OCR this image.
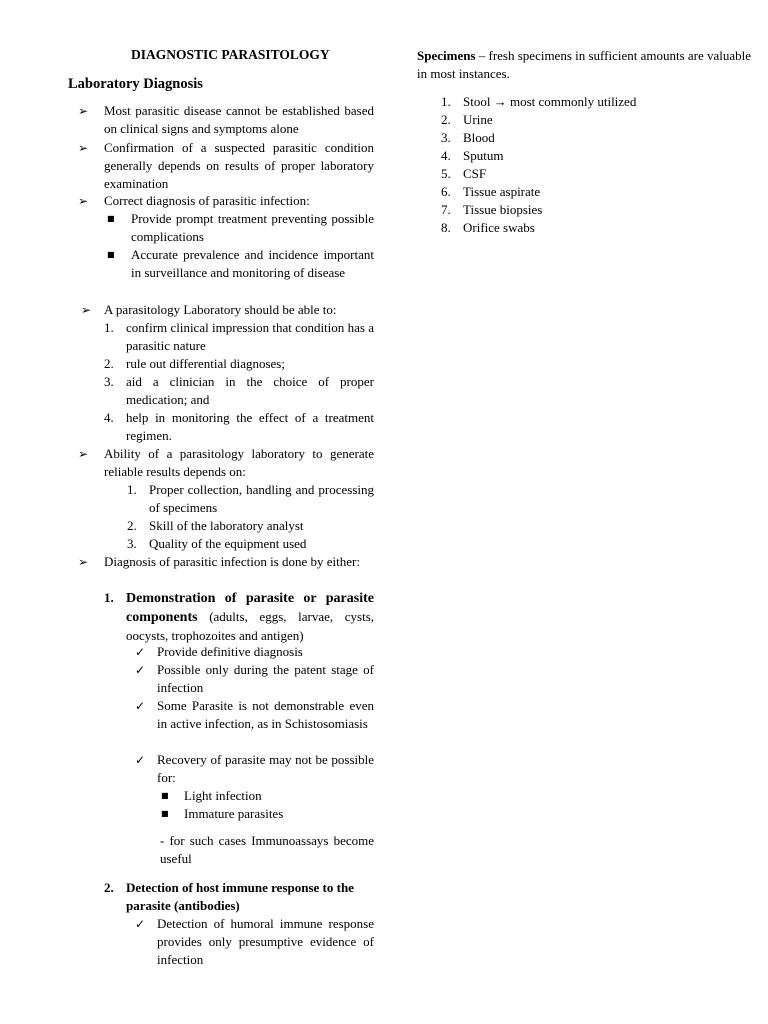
DIAGNOSTIC PARASITOLOGY
Laboratory Diagnosis
➢ Most parasitic disease cannot be established based on clinical signs and symptoms alone
➢ Confirmation of a suspected parasitic condition generally depends on results of proper laboratory examination
➢ Correct diagnosis of parasitic infection:
■ Provide prompt treatment preventing possible complications
■ Accurate prevalence and incidence important in surveillance and monitoring of disease
➢ A parasitology Laboratory should be able to:
1. confirm clinical impression that condition has a parasitic nature
2. rule out differential diagnoses;
3. aid a clinician in the choice of proper medication; and
4. help in monitoring the effect of a treatment regimen.
➢ Ability of a parasitology laboratory to generate reliable results depends on:
1. Proper collection, handling and processing of specimens
2. Skill of the laboratory analyst
3. Quality of the equipment used
➢ Diagnosis of parasitic infection is done by either:
1. Demonstration of parasite or parasite components (adults, eggs, larvae, cysts, oocysts, trophozoites and antigen)
✓ Provide definitive diagnosis
✓ Possible only during the patent stage of infection
✓ Some Parasite is not demonstrable even in active infection, as in Schistosomiasis
✓ Recovery of parasite may not be possible for:
■ Light infection
■ Immature parasites
- for such cases Immunoassays become useful
2. Detection of host immune response to the parasite (antibodies)
✓ Detection of humoral immune response provides only presumptive evidence of infection
Specimens – fresh specimens in sufficient amounts are valuable in most instances.
1. Stool → most commonly utilized
2. Urine
3. Blood
4. Sputum
5. CSF
6. Tissue aspirate
7. Tissue biopsies
8. Orifice swabs
